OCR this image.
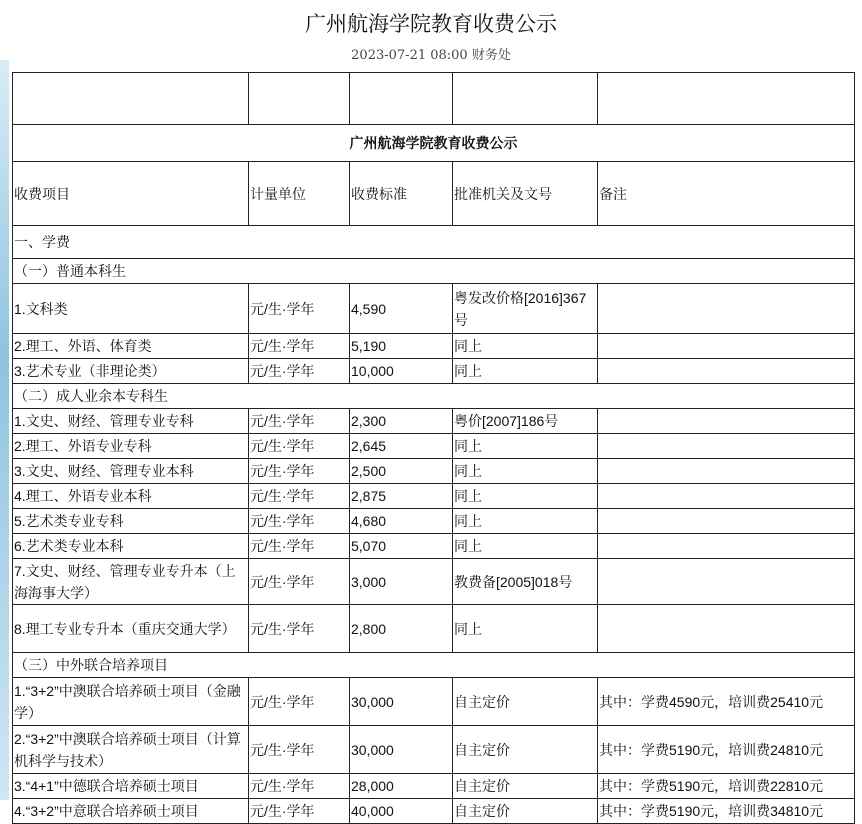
广州航海学院教育收费公示
2023-07-21 08:00 财务处

广州航海学院教育收费公示				
收费项目	计量单位	收费标准	批准机关及文号	备注
一、学费				
（一）普通本科生				
1.文科类	元/生·学年	4,590	粤发改价格[2016]367号	
2.理工、外语、体育类	元/生·学年	5,190	同上	
3.艺术专业（非理论类）	元/生·学年	10,000	同上	
（二）成人业余本专科生				
1.文史、财经、管理专业专科	元/生·学年	2,300	粤价[2007]186号	
2.理工、外语专业专科	元/生·学年	2,645	同上	
3.文史、财经、管理专业本科	元/生·学年	2,500	同上	
4.理工、外语专业本科	元/生·学年	2,875	同上	
5.艺术类专业专科	元/生·学年	4,680	同上	
6.艺术类专业本科	元/生·学年	5,070	同上	
7.文史、财经、管理专业专升本（上海海事大学）	元/生·学年	3,000	教费备[2005]018号	
8.理工专业专升本（重庆交通大学）	元/生·学年	2,800	同上	
（三）中外联合培养项目				
1.“3+2”中澳联合培养硕士项目（金融学）	元/生·学年	30,000	自主定价	其中：学费4590元，培训费25410元
2.“3+2”中澳联合培养硕士项目（计算机科学与技术）	元/生·学年	30,000	自主定价	其中：学费5190元，培训费24810元
3.“4+1”中德联合培养硕士项目	元/生·学年	28,000	自主定价	其中：学费5190元，培训费22810元
4.“3+2”中意联合培养硕士项目	元/生·学年	40,000	自主定价	其中：学费5190元，培训费34810元
